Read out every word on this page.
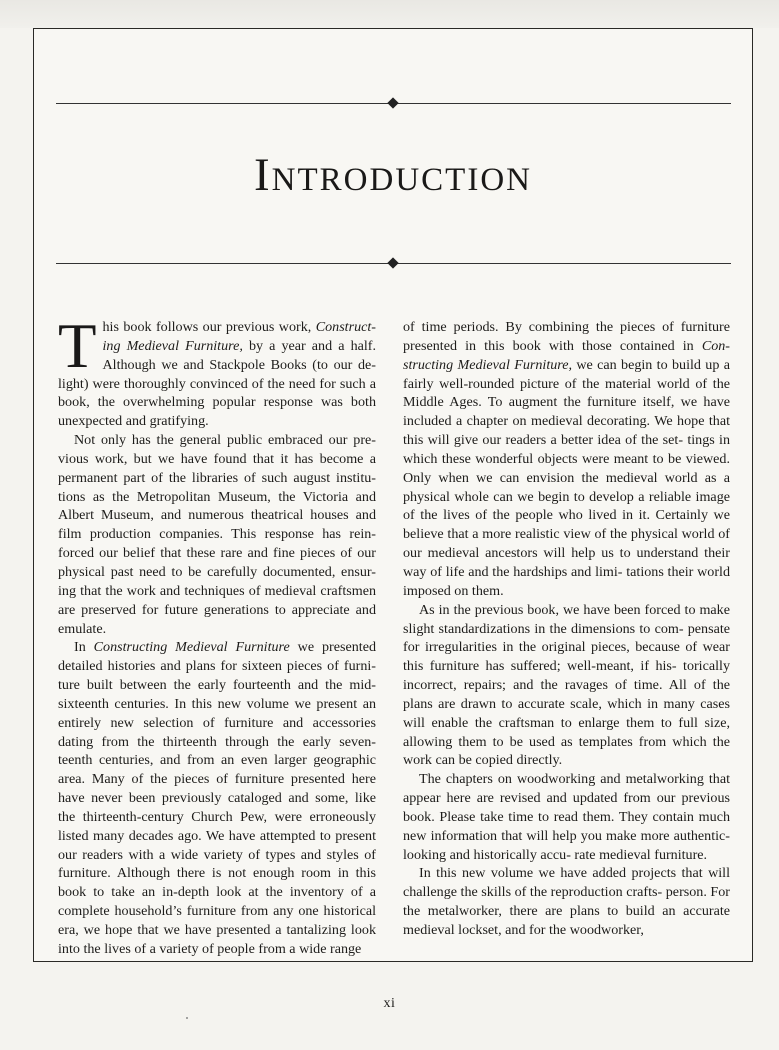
Introduction

This book follows our previous work, Construct- ing Medieval Furniture, by a year and a half. Although we and Stackpole Books (to our de- light) were thoroughly convinced of the need for such a book, the overwhelming popular response was both unexpected and gratifying.

Not only has the general public embraced our pre- vious work, but we have found that it has become a permanent part of the libraries of such august institu- tions as the Metropolitan Museum, the Victoria and Albert Museum, and numerous theatrical houses and film production companies. This response has rein- forced our belief that these rare and fine pieces of our physical past need to be carefully documented, ensur- ing that the work and techniques of medieval craftsmen are preserved for future generations to appreciate and emulate.

In Constructing Medieval Furniture we presented detailed histories and plans for sixteen pieces of furni- ture built between the early fourteenth and the mid- sixteenth centuries. In this new volume we present an entirely new selection of furniture and accessories dating from the thirteenth through the early seven- teenth centuries, and from an even larger geographic area. Many of the pieces of furniture presented here have never been previously cataloged and some, like the thirteenth-century Church Pew, were erroneously listed many decades ago. We have attempted to present our readers with a wide variety of types and styles of furniture. Although there is not enough room in this book to take an in-depth look at the inventory of a complete household’s furniture from any one historical era, we hope that we have presented a tantalizing look into the lives of a variety of people from a wide range

of time periods. By combining the pieces of furniture presented in this book with those contained in Con- structing Medieval Furniture, we can begin to build up a fairly well-rounded picture of the material world of the Middle Ages. To augment the furniture itself, we have included a chapter on medieval decorating. We hope that this will give our readers a better idea of the set- tings in which these wonderful objects were meant to be viewed. Only when we can envision the medieval world as a physical whole can we begin to develop a reliable image of the lives of the people who lived in it. Certainly we believe that a more realistic view of the physical world of our medieval ancestors will help us to understand their way of life and the hardships and limi- tations their world imposed on them.

As in the previous book, we have been forced to make slight standardizations in the dimensions to com- pensate for irregularities in the original pieces, because of wear this furniture has suffered; well-meant, if his- torically incorrect, repairs; and the ravages of time. All of the plans are drawn to accurate scale, which in many cases will enable the craftsman to enlarge them to full size, allowing them to be used as templates from which the work can be copied directly.

The chapters on woodworking and metalworking that appear here are revised and updated from our previous book. Please take time to read them. They contain much new information that will help you make more authentic-looking and historically accu- rate medieval furniture.

In this new volume we have added projects that will challenge the skills of the reproduction crafts- person. For the metalworker, there are plans to build an accurate medieval lockset, and for the woodworker,

xi
